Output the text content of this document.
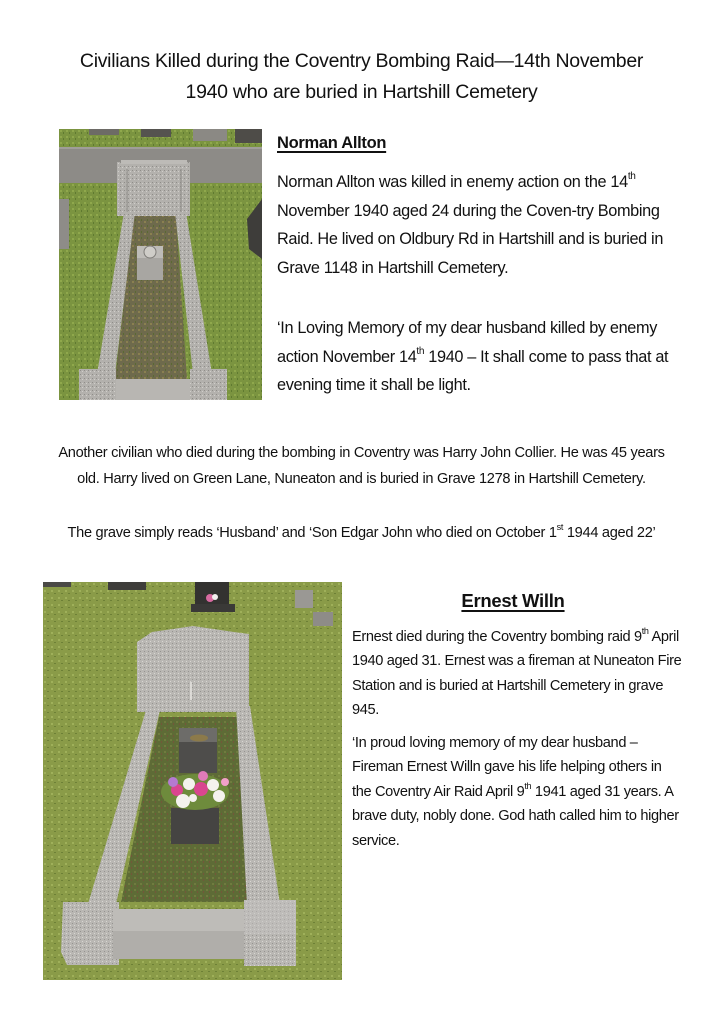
Civilians Killed during the Coventry Bombing Raid—14th November
1940 who are buried in Hartshill Cemetery
Norman Allton

Norman Allton was killed in enemy action on the 14th November 1940 aged 24 during the Coven-try Bombing Raid. He lived on Oldbury Rd in Hartshill and is buried in Grave 1148 in Hartshill Cemetery.

‘In Loving Memory of my dear husband killed by enemy action November 14th 1940 – It shall come to pass that at evening time it shall be light.

Another civilian who died during the bombing in Coventry was Harry John Collier. He was 45 years old. Harry lived on Green Lane, Nuneaton and is buried in Grave 1278 in Hartshill Cemetery.

The grave simply reads ‘Husband’ and ‘Son Edgar John who died on October 1st 1944 aged 22’

Ernest Willn

Ernest died during the Coventry bombing raid 9th April 1940 aged 31. Ernest was a fireman at Nuneaton Fire Station and is buried at Hartshill Cemetery in grave 945.

‘In proud loving memory of my dear husband – Fireman Ernest Willn gave his life helping others in the Coventry Air Raid April 9th 1941 aged 31 years. A brave duty, nobly done. God hath called him to higher service.
